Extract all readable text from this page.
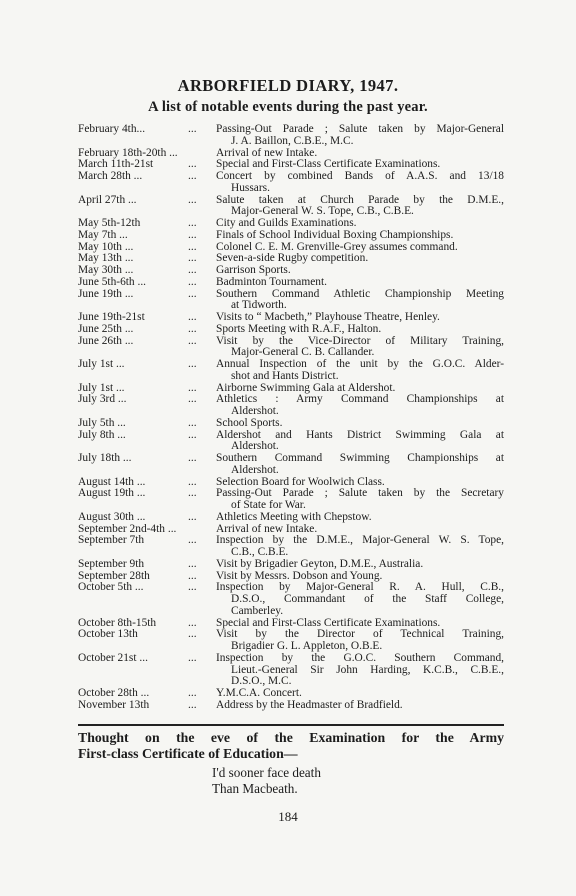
ARBORFIELD DIARY, 1947.
A list of notable events during the past year.
February 4th...	...	Passing-Out Parade ; Salute taken by Major-General
J. A. Baillon, C.B.E., M.C.
February 18th-20th ...	Arrival of new Intake.
March 11th-21st	...	Special and First-Class Certificate Examinations.
March 28th ...	...	Concert by combined Bands of A.A.S. and 13/18
Hussars.
April 27th ...	...	Salute taken at Church Parade by the D.M.E.,
Major-General W. S. Tope, C.B., C.B.E.
May 5th-12th	...	City and Guilds Examinations.
May 7th ...	...	Finals of School Individual Boxing Championships.
May 10th ...	...	Colonel C. E. M. Grenville-Grey assumes command.
May 13th ...	...	Seven-a-side Rugby competition.
May 30th ...	...	Garrison Sports.
June 5th-6th ...	...	Badminton Tournament.
June 19th ...	...	Southern Command Athletic Championship Meeting
at Tidworth.
June 19th-21st	...	Visits to “ Macbeth,” Playhouse Theatre, Henley.
June 25th ...	...	Sports Meeting with R.A.F., Halton.
June 26th ...	...	Visit by the Vice-Director of Military Training,
Major-General C. B. Callander.
July 1st ...	...	Annual Inspection of the unit by the G.O.C. Alder-
shot and Hants District.
July 1st ...	...	Airborne Swimming Gala at Aldershot.
July 3rd ...	...	Athletics : Army Command Championships at
Aldershot.
July 5th ...	...	School Sports.
July 8th ...	...	Aldershot and Hants District Swimming Gala at
Aldershot.
July 18th ...	...	Southern Command Swimming Championships at
Aldershot.
August 14th ...	...	Selection Board for Woolwich Class.
August 19th ...	...	Passing-Out Parade ; Salute taken by the Secretary
of State for War.
August 30th ...	...	Athletics Meeting with Chepstow.
September 2nd-4th ...	Arrival of new Intake.
September 7th	...	Inspection by the D.M.E., Major-General W. S. Tope,
C.B., C.B.E.
September 9th	...	Visit by Brigadier Geyton, D.M.E., Australia.
September 28th	...	Visit by Messrs. Dobson and Young.
October 5th ...	...	Inspection by Major-General R. A. Hull, C.B.,
D.S.O., Commandant of the Staff College,
Camberley.
October 8th-15th	...	Special and First-Class Certificate Examinations.
October 13th	...	Visit by the Director of Technical Training,
Brigadier G. L. Appleton, O.B.E.
October 21st ...	...	Inspection by the G.O.C. Southern Command,
Lieut.-General Sir John Harding, K.C.B., C.B.E.,
D.S.O., M.C.
October 28th ...	...	Y.M.C.A. Concert.
November 13th	...	Address by the Headmaster of Bradfield.
Thought on the eve of the Examination for the Army
First-class Certificate of Education—
I'd sooner face death
Than Macbeath.
184
